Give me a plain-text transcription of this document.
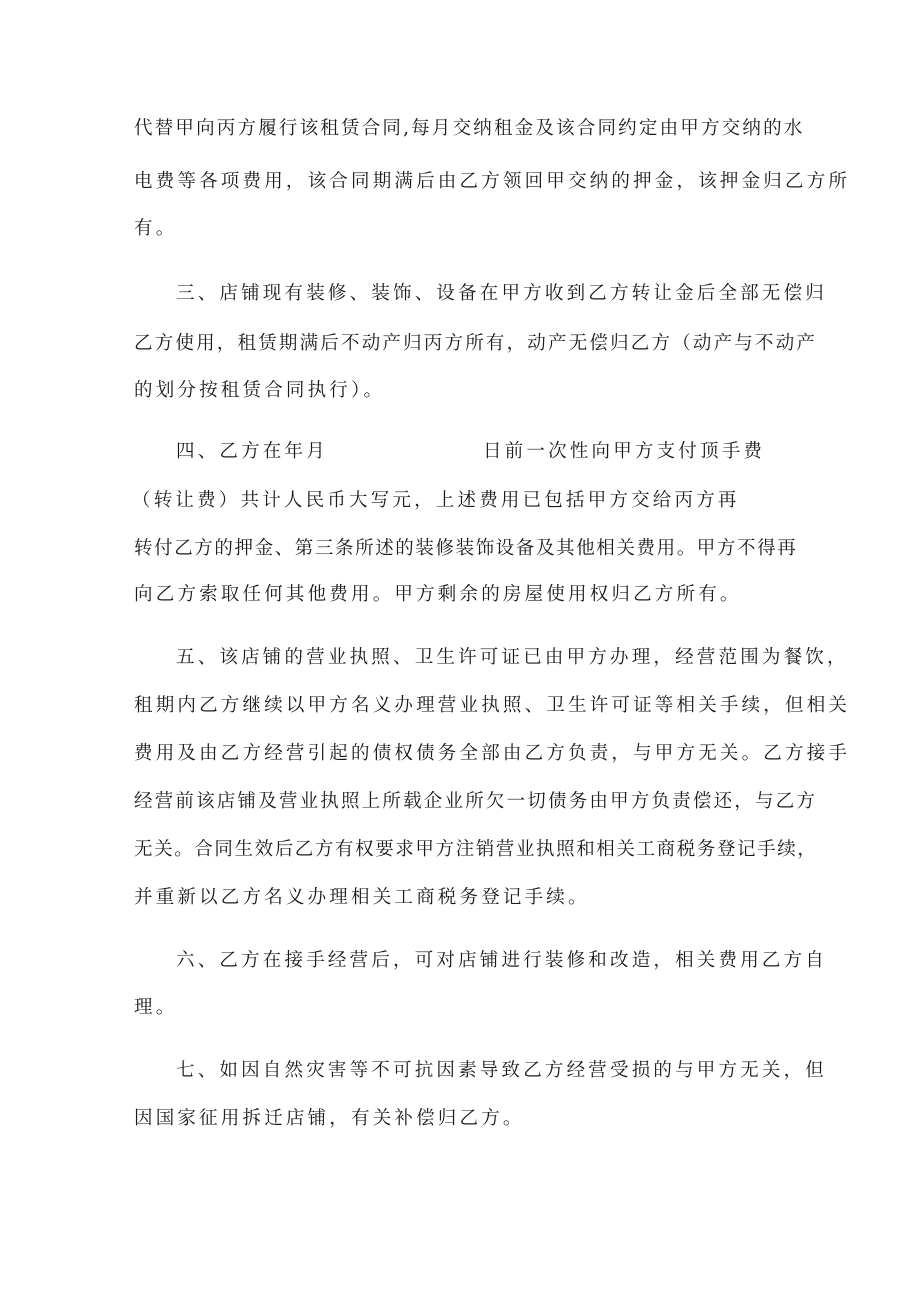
代替甲向丙方履行该租赁合同,每月交纳租金及该合同约定由甲方交纳的水
电费等各项费用，该合同期满后由乙方领回甲交纳的押金，该押金归乙方所
有。
三、店铺现有装修、装饰、设备在甲方收到乙方转让金后全部无偿归
乙方使用，租赁期满后不动产归丙方所有，动产无偿归乙方（动产与不动产
的划分按租赁合同执行）。
四、乙方在年月	日前一次性向甲方支付顶手费
（转让费）共计人民币大写元，上述费用已包括甲方交给丙方再
转付乙方的押金、第三条所述的装修装饰设备及其他相关费用。甲方不得再
向乙方索取任何其他费用。甲方剩余的房屋使用权归乙方所有。
五、该店铺的营业执照、卫生许可证已由甲方办理，经营范围为餐饮，
租期内乙方继续以甲方名义办理营业执照、卫生许可证等相关手续，但相关
费用及由乙方经营引起的债权债务全部由乙方负责，与甲方无关。乙方接手
经营前该店铺及营业执照上所载企业所欠一切债务由甲方负责偿还，与乙方
无关。合同生效后乙方有权要求甲方注销营业执照和相关工商税务登记手续，
并重新以乙方名义办理相关工商税务登记手续。
六、乙方在接手经营后，可对店铺进行装修和改造，相关费用乙方自
理。
七、如因自然灾害等不可抗因素导致乙方经营受损的与甲方无关，但
因国家征用拆迁店铺，有关补偿归乙方。
